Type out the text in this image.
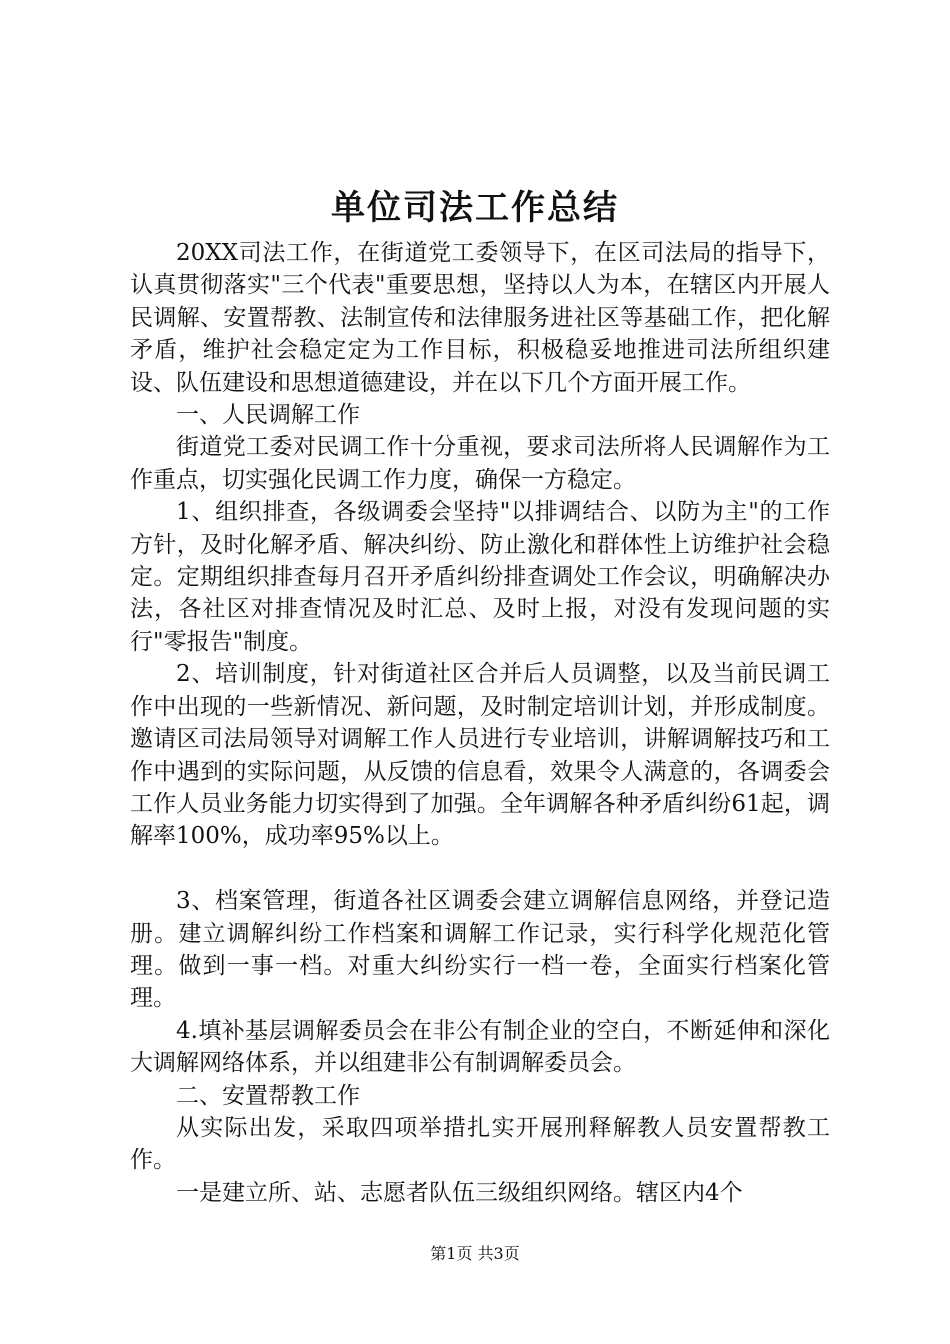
单位司法工作总结

20XX司法工作，在街道党工委领导下，在区司法局的指导下，认真贯彻落实"三个代表"重要思想，坚持以人为本，在辖区内开展人民调解、安置帮教、法制宣传和法律服务进社区等基础工作，把化解矛盾，维护社会稳定定为工作目标，积极稳妥地推进司法所组织建设、队伍建设和思想道德建设，并在以下几个方面开展工作。

一、人民调解工作

街道党工委对民调工作十分重视，要求司法所将人民调解作为工作重点，切实强化民调工作力度，确保一方稳定。

1、组织排查，各级调委会坚持"以排调结合、以防为主"的工作方针，及时化解矛盾、解决纠纷、防止激化和群体性上访维护社会稳定。定期组织排查每月召开矛盾纠纷排查调处工作会议，明确解决办法，各社区对排查情况及时汇总、及时上报，对没有发现问题的实行"零报告"制度。

2、培训制度，针对街道社区合并后人员调整，以及当前民调工作中出现的一些新情况、新问题，及时制定培训计划，并形成制度。邀请区司法局领导对调解工作人员进行专业培训，讲解调解技巧和工作中遇到的实际问题，从反馈的信息看，效果令人满意的，各调委会工作人员业务能力切实得到了加强。全年调解各种矛盾纠纷61起，调解率100%，成功率95%以上。

3、档案管理，街道各社区调委会建立调解信息网络，并登记造册。建立调解纠纷工作档案和调解工作记录，实行科学化规范化管理。做到一事一档。对重大纠纷实行一档一卷，全面实行档案化管理。

4.填补基层调解委员会在非公有制企业的空白，不断延伸和深化大调解网络体系，并以组建非公有制调解委员会。

二、安置帮教工作

从实际出发，采取四项举措扎实开展刑释解教人员安置帮教工作。

一是建立所、站、志愿者队伍三级组织网络。辖区内4个

第1页 共3页
